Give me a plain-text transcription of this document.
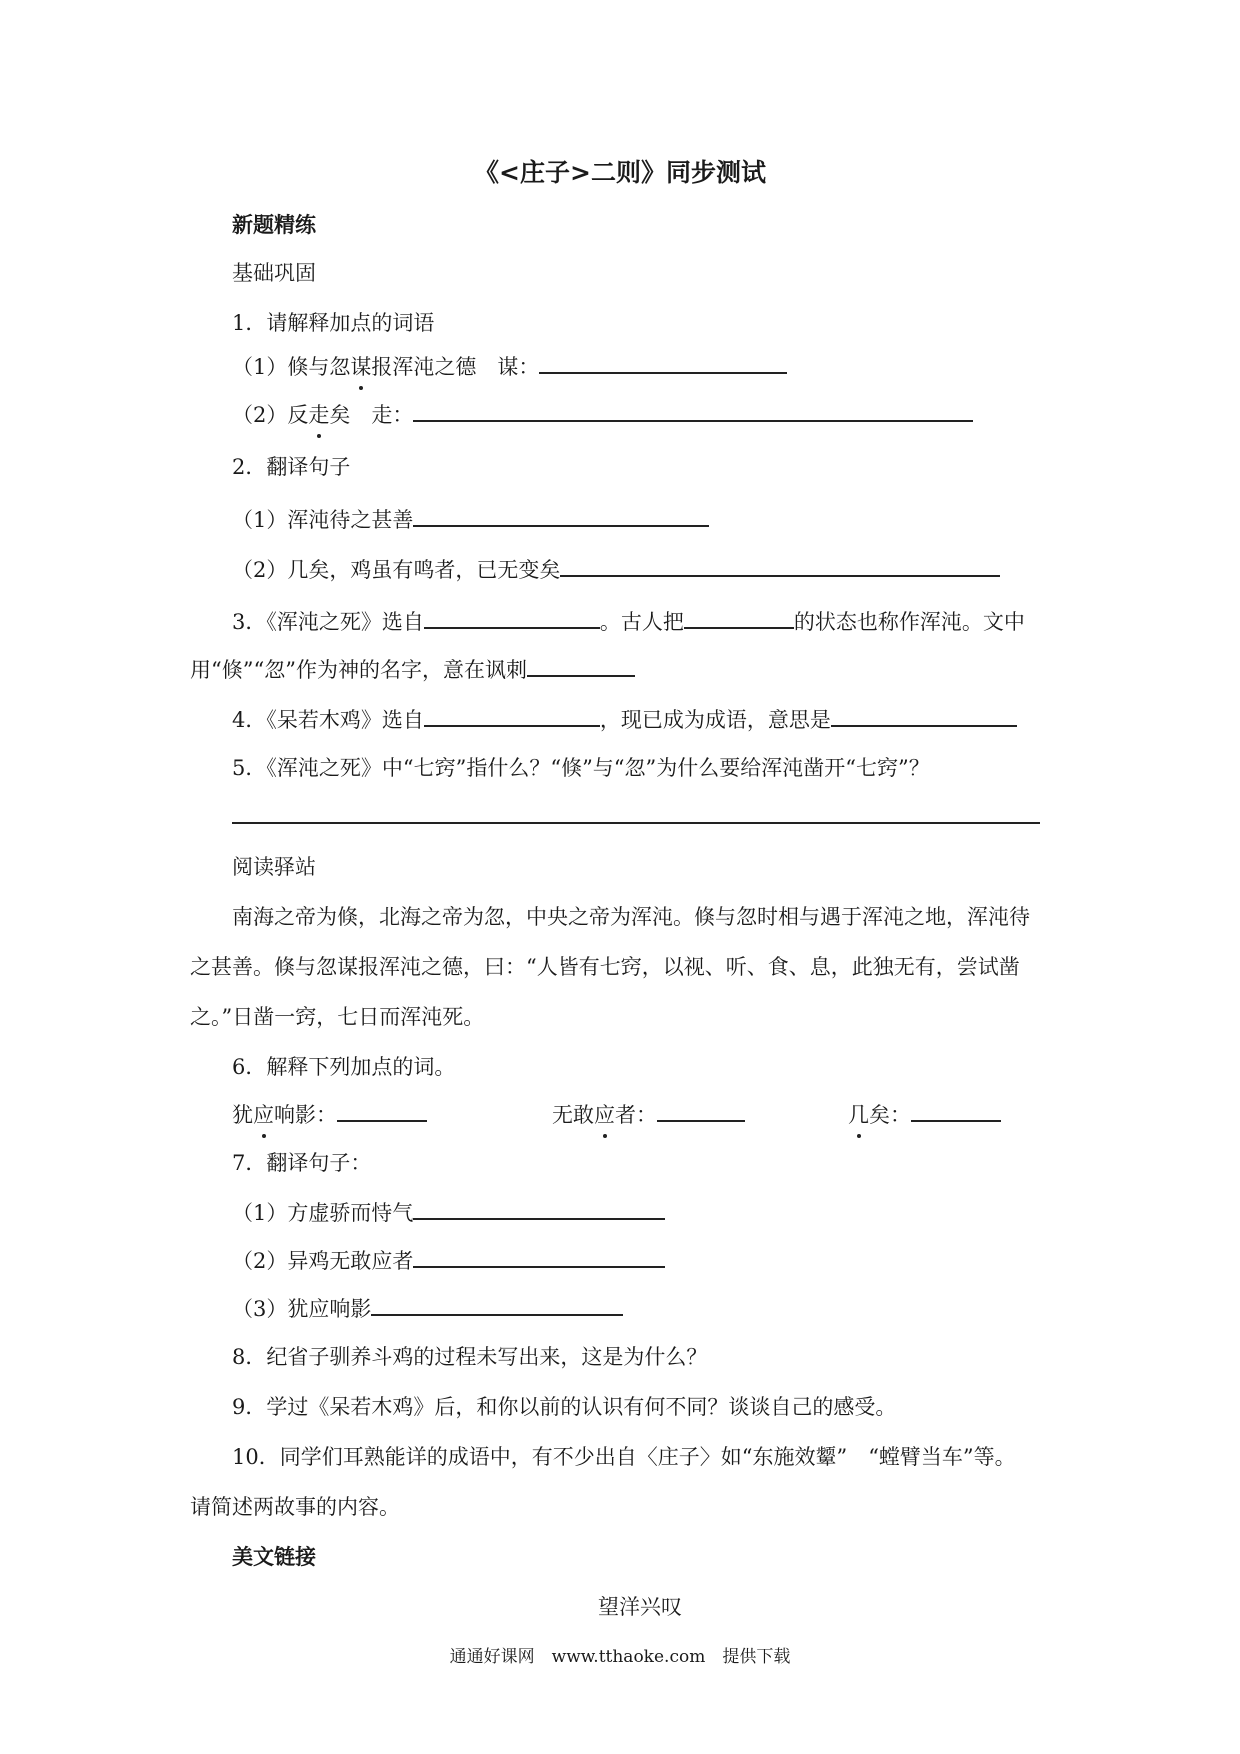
《<庄子>二则》同步测试
新题精练
基础巩固
1．请解释加点的词语
（1）倏与忽谋报浑沌之德　谋：
（2）反走矣　走：
2．翻译句子
（1）浑沌待之甚善
（2）几矣，鸡虽有鸣者，已无变矣
3．《浑沌之死》选自	。古人把	的状态也称作浑沌。文中
用“倏”“忽”作为神的名字，意在讽刺
4．《呆若木鸡》选自	，现已成为成语，意思是
5．《浑沌之死》中“七窍”指什么？“倏”与“忽”为什么要给浑沌凿开“七窍”？
阅读驿站
南海之帝为倏，北海之帝为忽，中央之帝为浑沌。倏与忽时相与遇于浑沌之地，浑沌待
之甚善。倏与忽谋报浑沌之德，曰：“人皆有七窍，以视、听、食、息，此独无有，尝试凿
之。”日凿一窍，七日而浑沌死。
6．解释下列加点的词。
犹应响影：	无敢应者：	几矣：
7．翻译句子：
（1）方虚骄而恃气
（2）异鸡无敢应者
（3）犹应响影
8．纪省子驯养斗鸡的过程未写出来，这是为什么？
9．学过《呆若木鸡》后，和你以前的认识有何不同？谈谈自己的感受。
10．同学们耳熟能详的成语中，有不少出自〈庄子〉如“东施效颦”　“螳臂当车”等。
请简述两故事的内容。
美文链接
望洋兴叹
通通好课网　www.tthaoke.com　提供下载
